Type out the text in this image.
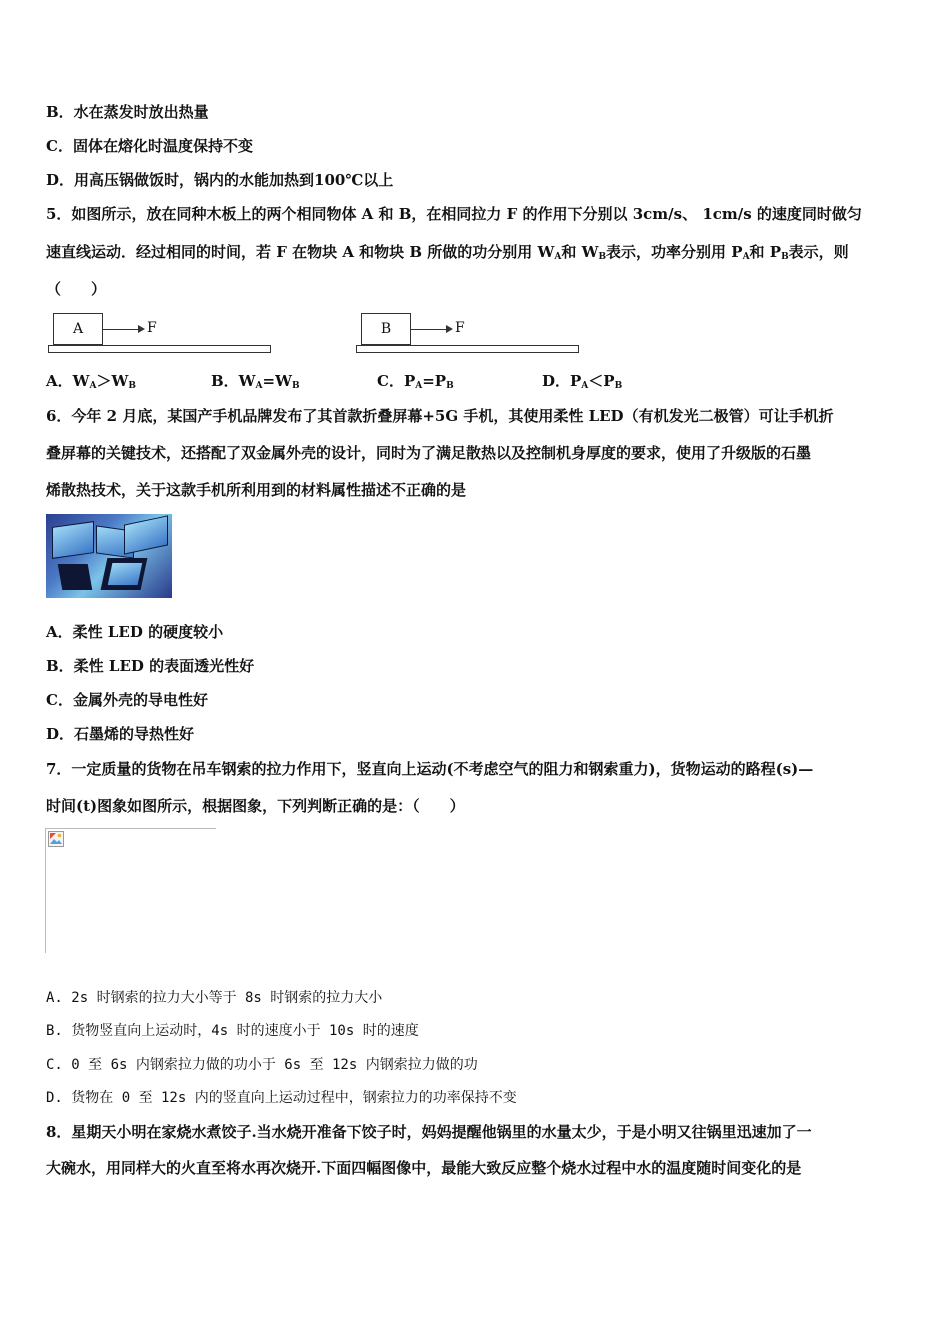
B．水在蒸发时放出热量

C．固体在熔化时温度保持不变

D．用高压锅做饭时，锅内的水能加热到100℃以上

5．如图所示，放在同种木板上的两个相同物体 A 和 B，在相同拉力 F 的作用下分别以 3cm/s、 1cm/s 的速度同时做匀

速直线运动．经过相同的时间，若 F 在物块 A 和物块 B 所做的功分别用 $W_A$和 $W_B$表示，功率分别用 $P_A$和 $P_B$表示，则

（　　）

A	F	B	F
A．$W_A>W_B$	B．$W_A=W_B$	C．$P_A=P_B$	D．$P_A<P_B$

6．今年 2 月底，某国产手机品牌发布了其首款折叠屏幕+5G 手机，其使用柔性 LED（有机发光二极管）可让手机折

叠屏幕的关键技术，还搭配了双金属外壳的设计，同时为了满足散热以及控制机身厚度的要求，使用了升级版的石墨

烯散热技术，关于这款手机所利用到的材料属性描述不正确的是

A．柔性 LED 的硬度较小

B．柔性 LED 的表面透光性好

C．金属外壳的导电性好

D．石墨烯的导热性好

7．一定质量的货物在吊车钢索的拉力作用下，竖直向上运动(不考虑空气的阻力和钢索重力)，货物运动的路程(s)—

时间(t)图象如图所示，根据图象，下列判断正确的是：（　　）

A. 2s 时钢索的拉力大小等于 8s 时钢索的拉力大小

B. 货物竖直向上运动时，4s 时的速度小于 10s 时的速度

C. 0 至 6s 内钢索拉力做的功小于 6s 至 12s 内钢索拉力做的功

D. 货物在 0 至 12s 内的竖直向上运动过程中，钢索拉力的功率保持不变

8．星期天小明在家烧水煮饺子.当水烧开准备下饺子时，妈妈提醒他锅里的水量太少，于是小明又往锅里迅速加了一

大碗水，用同样大的火直至将水再次烧开.下面四幅图像中，最能大致反应整个烧水过程中水的温度随时间变化的是
